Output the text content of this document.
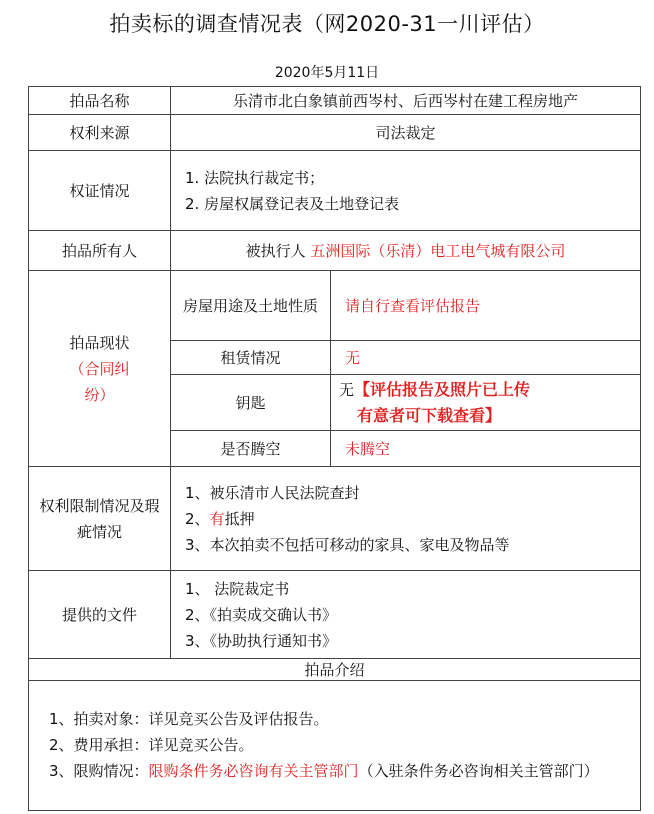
拍卖标的调查情况表（网2020-31一川评估）
2020年5月11日
拍品名称	乐清市北白象镇前西岑村、后西岑村在建工程房地产	
权利来源	司法裁定	
权证情况	1. 法院执行裁定书；
2. 房屋权属登记表及土地登记表	

拍品所有人	被执行人 五洲国际（乐清）电工电气城有限公司	

拍品现状
（合同纠纷）	房屋用途及土地性质	请自行查看评估报告
	租赁情况	无
	钥匙	无【评估报告及照片已上传
有意者可下载查看】
	是否腾空	未腾空
权利限制情况及瑕疵情况	1、被乐清市人民法院查封
2、有抵押
3、本次拍卖不包括可移动的家具、家电及物品等	

提供的文件	1、 法院裁定书
2、《拍卖成交确认书》
3、《协助执行通知书》	

拍品介绍		

1、拍卖对象：详见竞买公告及评估报告。
2、费用承担：详见竞买公告。
3、限购情况：限购条件务必咨询有关主管部门（入驻条件务必咨询相关主管部门）		
